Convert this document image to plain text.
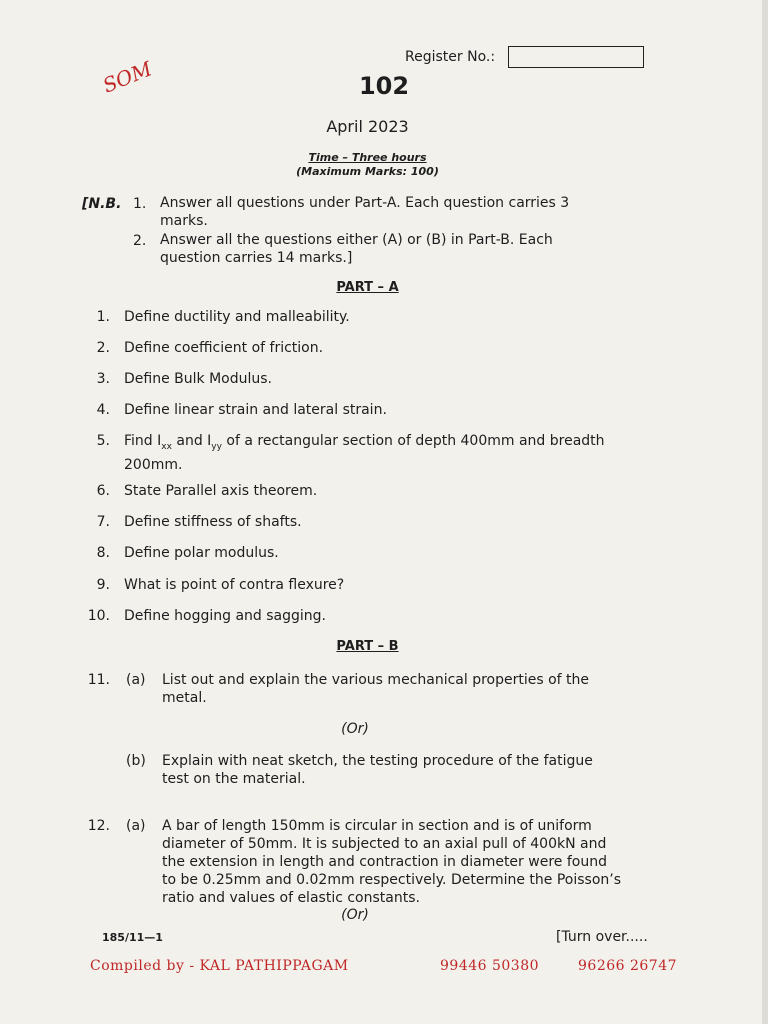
Register No.:
SOM	102
April 2023
Time – Three hours
(Maximum Marks: 100)
[N.B. 1. Answer all questions under Part-A. Each question carries 3 marks.
2. Answer all the questions either (A) or (B) in Part-B. Each question carries 14 marks.]
PART – A
1. Define ductility and malleability.
2. Define coefficient of friction.
3. Define Bulk Modulus.
4. Define linear strain and lateral strain.
5. Find $I_{xx}$ and $I_{yy}$ of a rectangular section of depth 400mm and breadth 200mm.
6. State Parallel axis theorem.
7. Define stiffness of shafts.
8. Define polar modulus.
9. What is point of contra flexure?
10. Define hogging and sagging.
PART – B
11. (a) List out and explain the various mechanical properties of the metal.
(Or)
(b) Explain with neat sketch, the testing procedure of the fatigue test on the material.
12. (a) A bar of length 150mm is circular in section and is of uniform diameter of 50mm. It is subjected to an axial pull of 400kN and the extension in length and contraction in diameter were found to be 0.25mm and 0.02mm respectively. Determine the Poisson’s ratio and values of elastic constants.
(Or)
185/11—1	[Turn over.....
Compiled by - KAL PATHIPPAGAM	99446 50380	96266 26747
